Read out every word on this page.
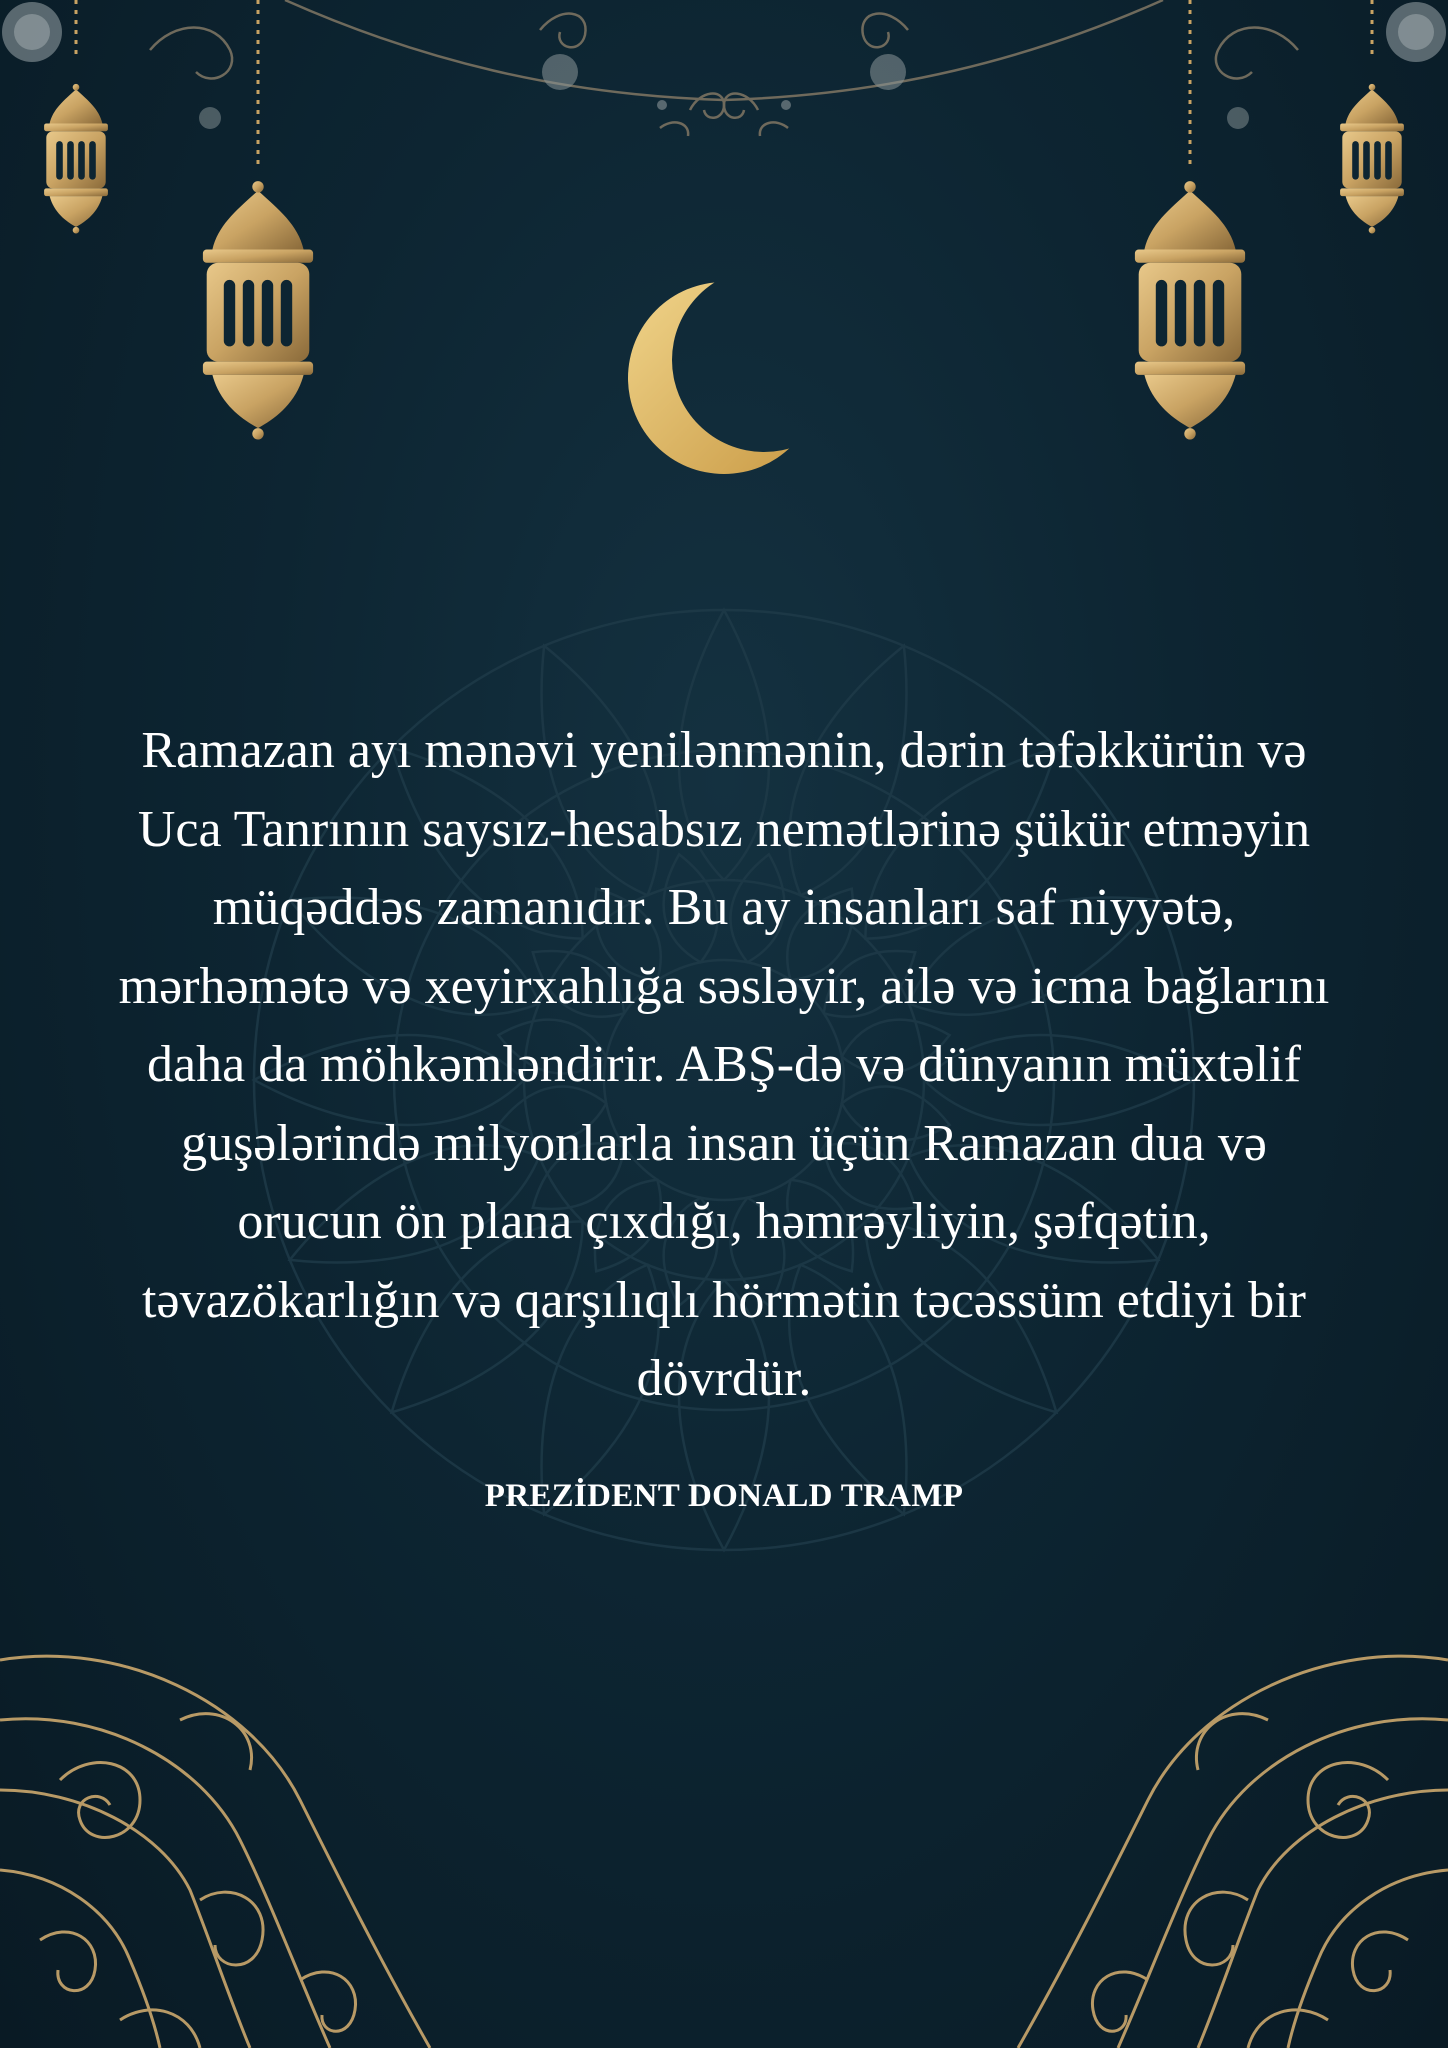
Ramazan ayı mənəvi yenilənmənin, dərin təfəkkürün və Uca Tanrının saysız-hesabsız nemətlərinə şükür etməyin müqəddəs zamanıdır. Bu ay insanları saf niyyətə, mərhəmətə və xeyirxahlığa səsləyir, ailə və icma bağlarını daha da möhkəmləndirir. ABŞ-də və dünyanın müxtəlif guşələrində milyonlarla insan üçün Ramazan dua və orucun ön plana çıxdığı, həmrəyliyin, şəfqətin, təvazökarlığın və qarşılıqlı hörmətin təcəssüm etdiyi bir dövrdür.

PREZİDENT DONALD TRAMP
